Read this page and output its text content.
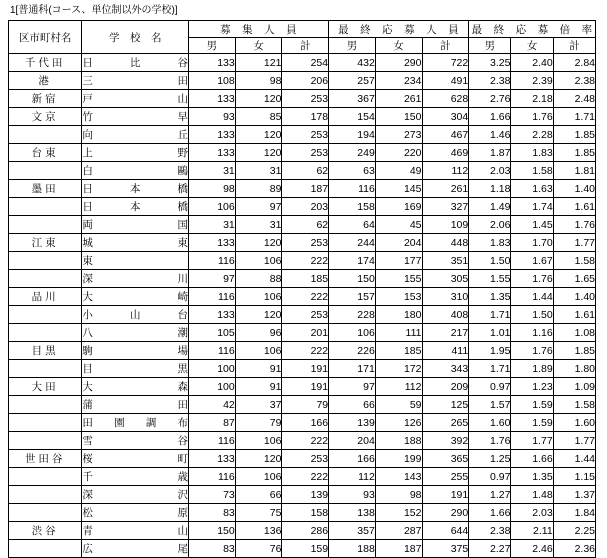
1[普通科(コース、単位制以外の学校)]
区市町村名	学　校　名	募　集　人　員			最　終　応　募　人　員			最　終　応　募　倍　率		
		男	女	計	男	女	計	男	女	計
千代田	日　比　谷	133	121	254	432	290	722	3.25	2.40	2.84
港	三　　　田	108	98	206	257	234	491	2.38	2.39	2.38
新宿	戸　　　山	133	120	253	367	261	628	2.76	2.18	2.48
文京	竹　　　早	93	85	178	154	150	304	1.66	1.76	1.71
	向　　　丘	133	120	253	194	273	467	1.46	2.28	1.85
台東	上　　　野	133	120	253	249	220	469	1.87	1.83	1.85
	白　　　鷗	31	31	62	63	49	112	2.03	1.58	1.81
墨田	日　本　橋	98	89	187	116	145	261	1.18	1.63	1.40
	日　本　橋	106	97	203	158	169	327	1.49	1.74	1.61
	両　　　国	31	31	62	64	45	109	2.06	1.45	1.76
江東	城　　　東	133	120	253	244	204	448	1.83	1.70	1.77
	東　　　　	116	106	222	174	177	351	1.50	1.67	1.58
	深　　　川	97	88	185	150	155	305	1.55	1.76	1.65
品川	大　　　崎	116	106	222	157	153	310	1.35	1.44	1.40
	小　山　台	133	120	253	228	180	408	1.71	1.50	1.61
	八　　　潮	105	96	201	106	111	217	1.01	1.16	1.08
目黒	駒　　　場	116	106	222	226	185	411	1.95	1.76	1.85
	目　　　黒	100	91	191	171	172	343	1.71	1.89	1.80
大田	大　　　森	100	91	191	97	112	209	0.97	1.23	1.09
	蒲　　　田	42	37	79	66	59	125	1.57	1.59	1.58
	田　園　調　布	87	79	166	139	126	265	1.60	1.59	1.60
	雪　　　谷	116	106	222	204	188	392	1.76	1.77	1.77
世田谷	桜　　　町	133	120	253	166	199	365	1.25	1.66	1.44
	千　　　歳	116	106	222	112	143	255	0.97	1.35	1.15
	深　沢	73	66	139	93	98	191	1.27	1.48	1.37
	松　　　原	83	75	158	138	152	290	1.66	2.03	1.84
渋谷	青　　　山	150	136	286	357	287	644	2.38	2.11	2.25
	広　　　尾	83	76	159	188	187	375	2.27	2.46	2.36
